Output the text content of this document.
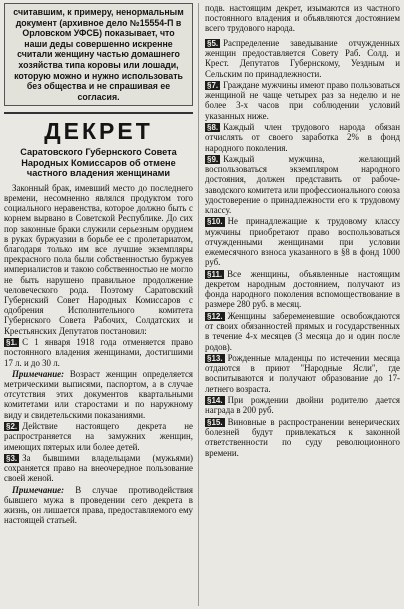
считавшим, к примеру, ненормальным документ (архивное дело №15554-П в Орловском УФСБ) показывает, что наши деды совершенно искренне считали женщину частью домашнего хозяйства типа коровы или лошади, которую можно и нужно использовать без общества и не спрашивая ее согласия.
ДЕКРЕТ
Саратовского Губернского Совета Народных Комиссаров об отмене частного владения женщинами

Законный брак, имевший место до последнего времени, несомненно являлся продуктом того социального неравенства, которое должно быть с корнем вырвано в Советской Республике. До сих пор законные браки служили серьезным орудием в руках буржуазии в борьбе ее с пролетариатом, благодаря только им все лучшие экземпляры прекрасного пола были собственностью буржуев империалистов и такою собственностью не могло не быть нарушено правильное продолжение человеческого рода. Поэтому Саратовский Губернский Совет Народных Комиссаров с одобрения Исполнительного комитета Губернского Совета Рабочих, Солдатских и Крестьянских Депутатов постановил:

§1. С 1 января 1918 года отменяется право постоянного владения женщинами, достигшими 17 л. и до 30 л.

Примечание: Возраст женщин определяется метрическими выписями, паспортом, а в случае отсутствия этих документов квартальными комитетами или старостами и по наружному виду и свидетельскими показаниями.

§2. Действие настоящего декрета не распространяется на замужних женщин, имеющих пятерых или более детей.

§3. За бывшими владельцами (мужьями) сохраняется право на внеочередное пользование своей женой.

Примечание: В случае противодействия бывшего мужа в проведении сего декрета в жизнь, он лишается права, предоставляемого ему настоящей статьей.

подв. настоящим декрет, изымаются из частного постоянного владения и объявляются достоянием всего трудового народа.

§5. Распределение заведывание отчужденных женщин предоставляется Совету Раб. Солд. и Крест. Депутатов Губернскому, Уездным и Сельским по принадлежности.

§7. Граждане мужчины имеют право пользоваться женщиной не чаще четырех раз за неделю и не более 3-х часов при соблюдении условий указанных ниже.

§8. Каждый член трудового народа обязан отчислять от своего заработка 2% в фонд народного поколения.

§9. Каждый мужчина, желающий воспользоваться экземпляром народного достояния, должен представить от рабоче-заводского комитета или профессионального союза удостоверение о принадлежности его к трудовому классу.

§10. Не принадлежащие к трудовому классу мужчины приобретают право воспользоваться отчужденными женщинами при условии ежемесячного взноса указанного в §8 в фонд 1000 руб.

§11. Все женщины, объявленные настоящим декретом народным достоянием, получают из фонда народного поколения вспомоществование в размере 280 руб. в месяц.

§12. Женщины забеременевшие освобождаются от своих обязанностей прямых и государственных в течение 4-х месяцев (3 месяца до и один после родов).

§13. Рожденные младенцы по истечении месяца отдаются в приют "Народные Ясли", где воспитываются и получают образование до 17-летнего возраста.

§14. При рождении двойни родителю дается награда в 200 руб.

§15. Виновные в распространении венерических болезней будут привлекаться к законной ответственности по суду революционного времени.
